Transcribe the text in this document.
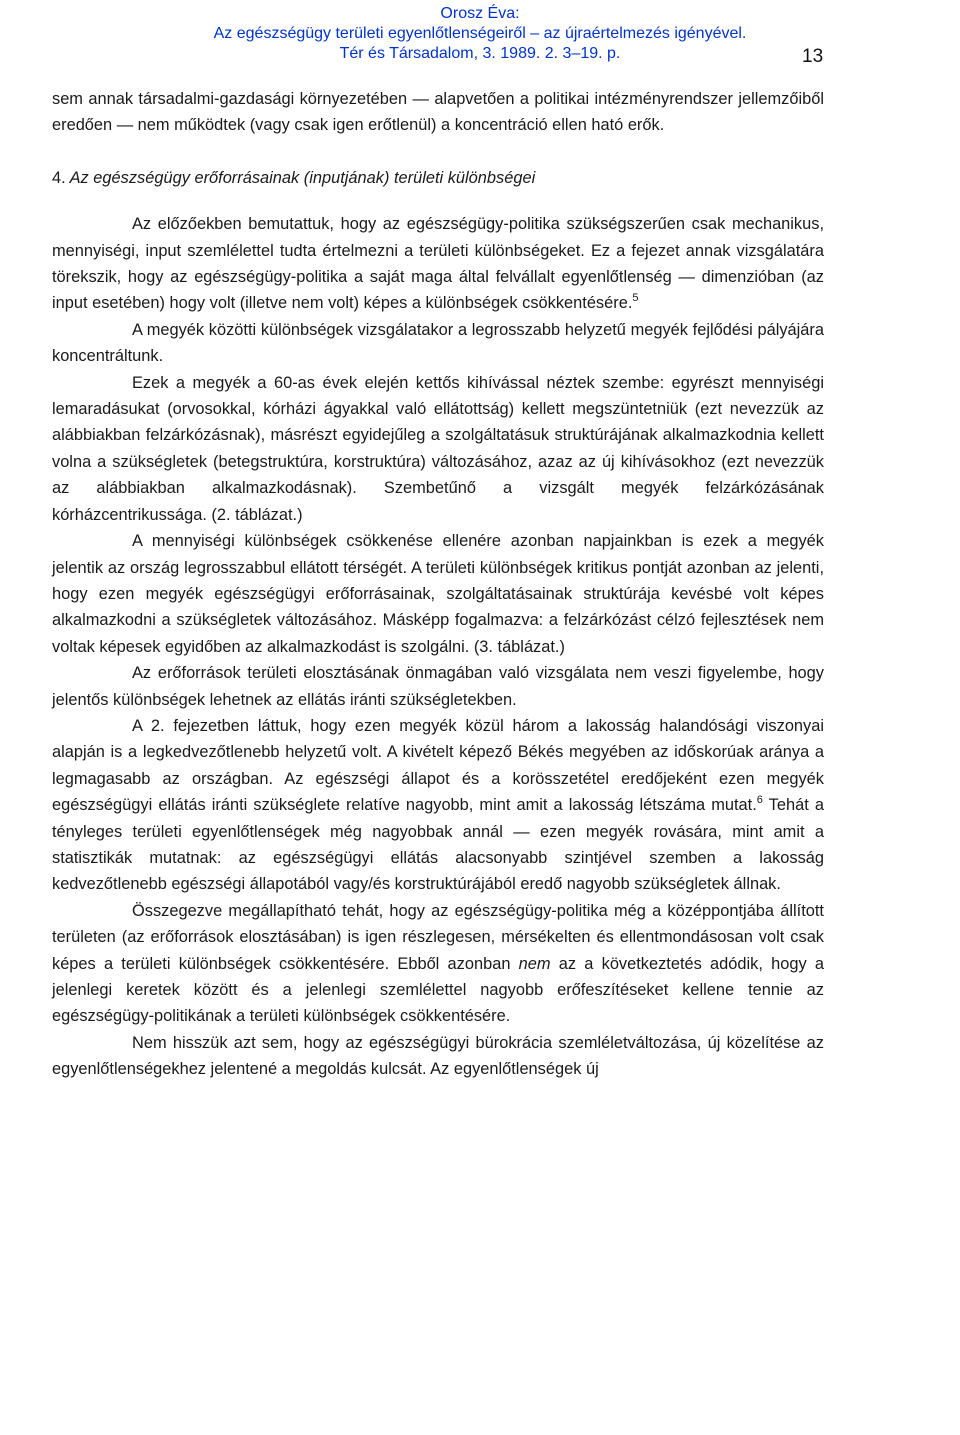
Orosz Éva:
Az egészségügy területi egyenlőtlenségeiről – az újraértelmezés igényével.
Tér és Társadalom, 3. 1989. 2. 3–19. p.	13

sem annak társadalmi-gazdasági környezetében — alapvetően a politikai intézményrendszer jellemzőiből eredően — nem működtek (vagy csak igen erőtlenül) a koncentráció ellen ható erők.

4. Az egészségügy erőforrásainak (inputjának) területi különbségei

Az előzőekben bemutattuk, hogy az egészségügy-politika szükségszerűen csak mechanikus, mennyiségi, input szemlélettel tudta értelmezni a területi különbségeket. Ez a fejezet annak vizsgálatára törekszik, hogy az egészségügy-politika a saját maga által felvállalt egyenlőtlenség — dimenzióban (az input esetében) hogy volt (illetve nem volt) képes a különbségek csökkentésére.$^5$

A megyék közötti különbségek vizsgálatakor a legrosszabb helyzetű megyék fejlődési pályájára koncentráltunk.

Ezek a megyék a 60-as évek elején kettős kihívással néztek szembe: egyrészt mennyiségi lemaradásukat (orvosokkal, kórházi ágyakkal való ellátottság) kellett megszüntetniük (ezt nevezzük az alábbiakban felzárkózásnak), másrészt egyidejűleg a szolgáltatásuk struktúrájának alkalmazkodnia kellett volna a szükségletek (betegstruktúra, korstruktúra) változásához, azaz az új kihívásokhoz (ezt nevezzük az alábbiakban alkalmazkodásnak). Szembetűnő a vizsgált megyék felzárkózásának kórházcentrikussága. (2. táblázat.)

A mennyiségi különbségek csökkenése ellenére azonban napjainkban is ezek a megyék jelentik az ország legrosszabbul ellátott térségét. A területi különbségek kritikus pontját azonban az jelenti, hogy ezen megyék egészségügyi erőforrásainak, szolgáltatásainak struktúrája kevésbé volt képes alkalmazkodni a szükségletek változásához. Másképp fogalmazva: a felzárkózást célzó fejlesztések nem voltak képesek egyidőben az alkalmazkodást is szolgálni. (3. táblázat.)

Az erőforrások területi elosztásának önmagában való vizsgálata nem veszi figyelembe, hogy jelentős különbségek lehetnek az ellátás iránti szükségletekben.

A 2. fejezetben láttuk, hogy ezen megyék közül három a lakosság halandósági viszonyai alapján is a legkedvezőtlenebb helyzetű volt. A kivételt képező Békés megyében az időskorúak aránya a legmagasabb az országban. Az egészségi állapot és a korösszetétel eredőjeként ezen megyék egészségügyi ellátás iránti szükséglete relatíve nagyobb, mint amit a lakosság létszáma mutat.$^6$ Tehát a tényleges területi egyenlőtlenségek még nagyobbak annál — ezen megyék rovására, mint amit a statisztikák mutatnak: az egészségügyi ellátás alacsonyabb szintjével szemben a lakosság kedvezőtlenebb egészségi állapotából vagy/és korstruktúrájából eredő nagyobb szükségletek állnak.

Összegezve megállapítható tehát, hogy az egészségügy-politika még a középpontjába állított területen (az erőforrások elosztásában) is igen részlegesen, mérsékelten és ellentmondásosan volt csak képes a területi különbségek csökkentésére. Ebből azonban nem az a következtetés adódik, hogy a jelenlegi keretek között és a jelenlegi szemlélettel nagyobb erőfeszítéseket kellene tennie az egészségügy-politikának a területi különbségek csökkentésére.

Nem hisszük azt sem, hogy az egészségügyi bürokrácia szemléletváltozása, új közelítése az egyenlőtlenségekhez jelentené a megoldás kulcsát. Az egyenlőtlenségek új
